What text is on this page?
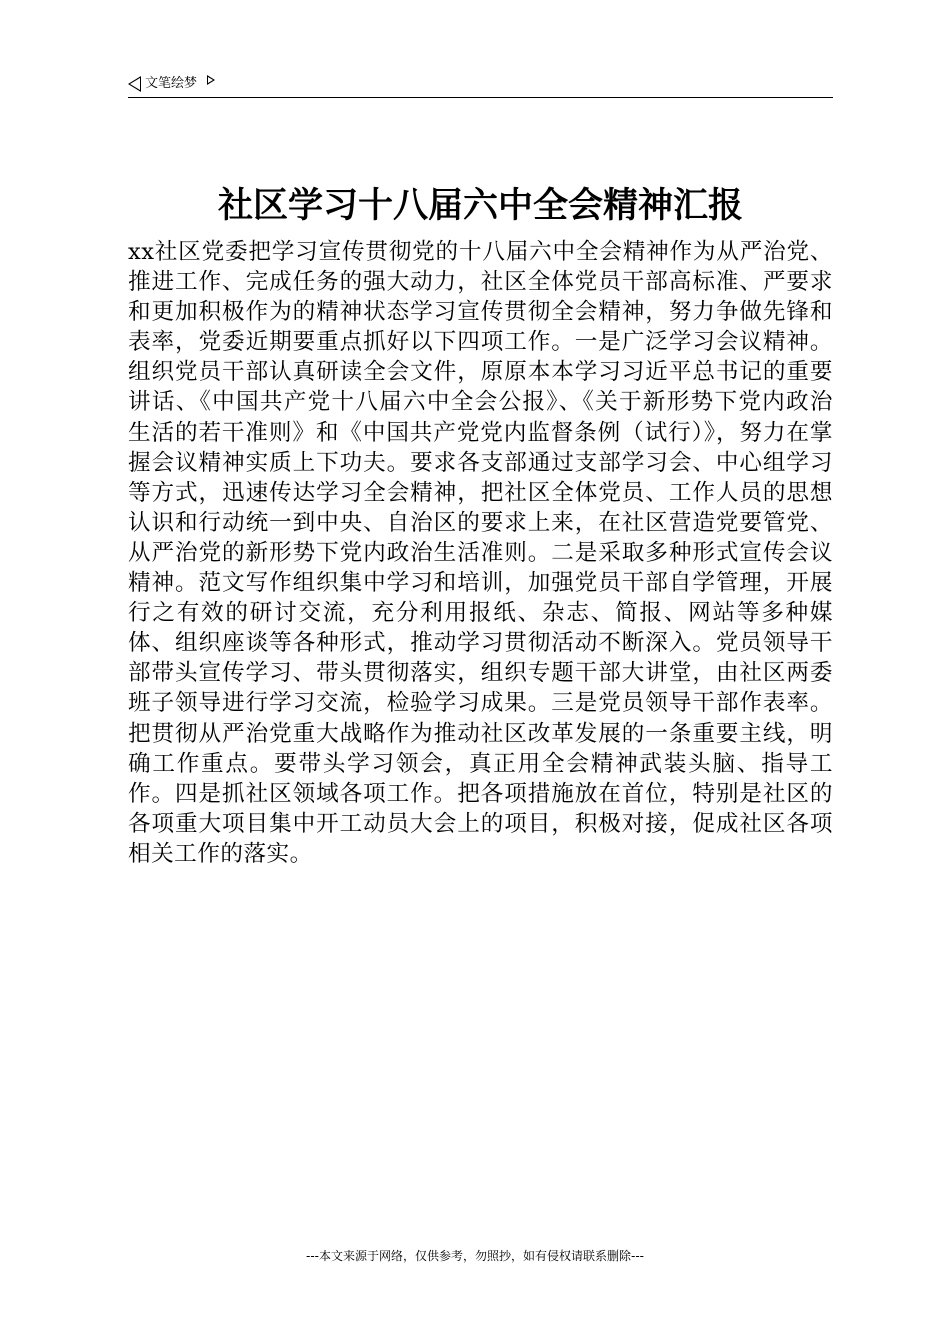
文笔绘梦
社区学习十八届六中全会精神汇报

xx社区党委把学习宣传贯彻党的十八届六中全会精神作为从严治党、推进工作、完成任务的强大动力，社区全体党员干部高标准、严要求和更加积极作为的精神状态学习宣传贯彻全会精神，努力争做先锋和表率，党委近期要重点抓好以下四项工作。一是广泛学习会议精神。组织党员干部认真研读全会文件，原原本本学习习近平总书记的重要讲话、《中国共产党十八届六中全会公报》、《关于新形势下党内政治生活的若干准则》和《中国共产党党内监督条例（试行）》，努力在掌握会议精神实质上下功夫。要求各支部通过支部学习会、中心组学习等方式，迅速传达学习全会精神，把社区全体党员、工作人员的思想认识和行动统一到中央、自治区的要求上来，在社区营造党要管党、从严治党的新形势下党内政治生活准则。二是采取多种形式宣传会议精神。范文写作组织集中学习和培训，加强党员干部自学管理，开展行之有效的研讨交流，充分利用报纸、杂志、简报、网站等多种媒体、组织座谈等各种形式，推动学习贯彻活动不断深入。党员领导干部带头宣传学习、带头贯彻落实，组织专题干部大讲堂，由社区两委班子领导进行学习交流，检验学习成果。三是党员领导干部作表率。把贯彻从严治党重大战略作为推动社区改革发展的一条重要主线，明确工作重点。要带头学习领会，真正用全会精神武装头脑、指导工作。四是抓社区领域各项工作。把各项措施放在首位，特别是社区的各项重大项目集中开工动员大会上的项目，积极对接，促成社区各项相关工作的落实。

---本文来源于网络，仅供参考，勿照抄，如有侵权请联系删除---
